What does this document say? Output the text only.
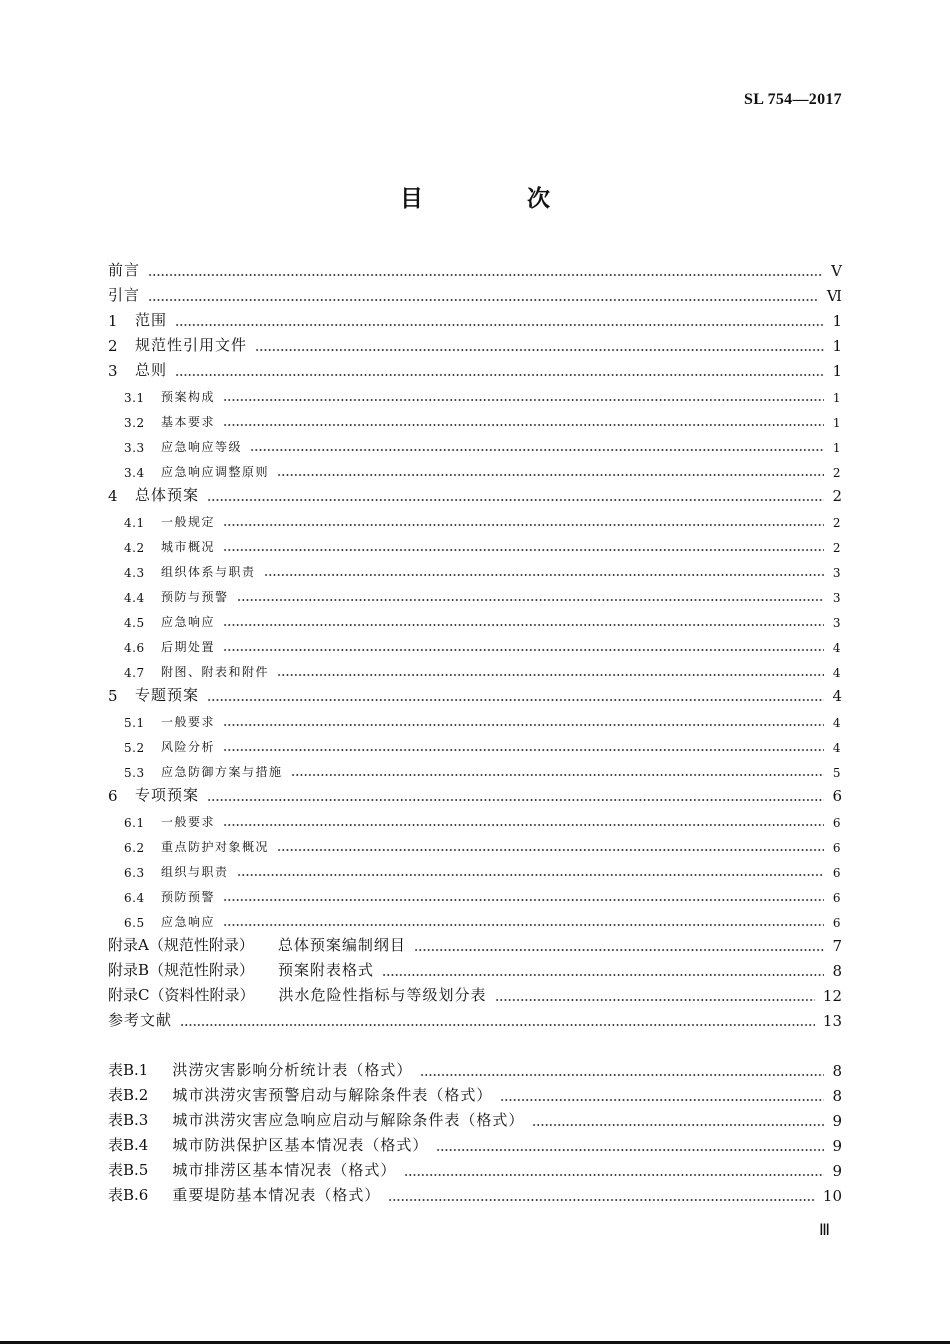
SL 754—2017
目 次
前言	Ⅴ
引言	Ⅵ
1	范围	1
2	规范性引用文件	1
3	总则	1
3.1	预案构成	1
3.2	基本要求	1
3.3	应急响应等级	1
3.4	应急响应调整原则	2
4	总体预案	2
4.1	一般规定	2
4.2	城市概况	2
4.3	组织体系与职责	3
4.4	预防与预警	3
4.5	应急响应	3
4.6	后期处置	4
4.7	附图、附表和附件	4
5	专题预案	4
5.1	一般要求	4
5.2	风险分析	4
5.3	应急防御方案与措施	5
6	专项预案	6
6.1	一般要求	6
6.2	重点防护对象概况	6
6.3	组织与职责	6
6.4	预防预警	6
6.5	应急响应	6
附录A（规范性附录） 总体预案编制纲目	7
附录B（规范性附录） 预案附表格式	8
附录C（资料性附录） 洪水危险性指标与等级划分表	12
参考文献	13
表B.1 洪涝灾害影响分析统计表（格式）	8
表B.2 城市洪涝灾害预警启动与解除条件表（格式）	8
表B.3 城市洪涝灾害应急响应启动与解除条件表（格式）	9
表B.4 城市防洪保护区基本情况表（格式）	9
表B.5 城市排涝区基本情况表（格式）	9
表B.6 重要堤防基本情况表（格式）	10
Ⅲ
